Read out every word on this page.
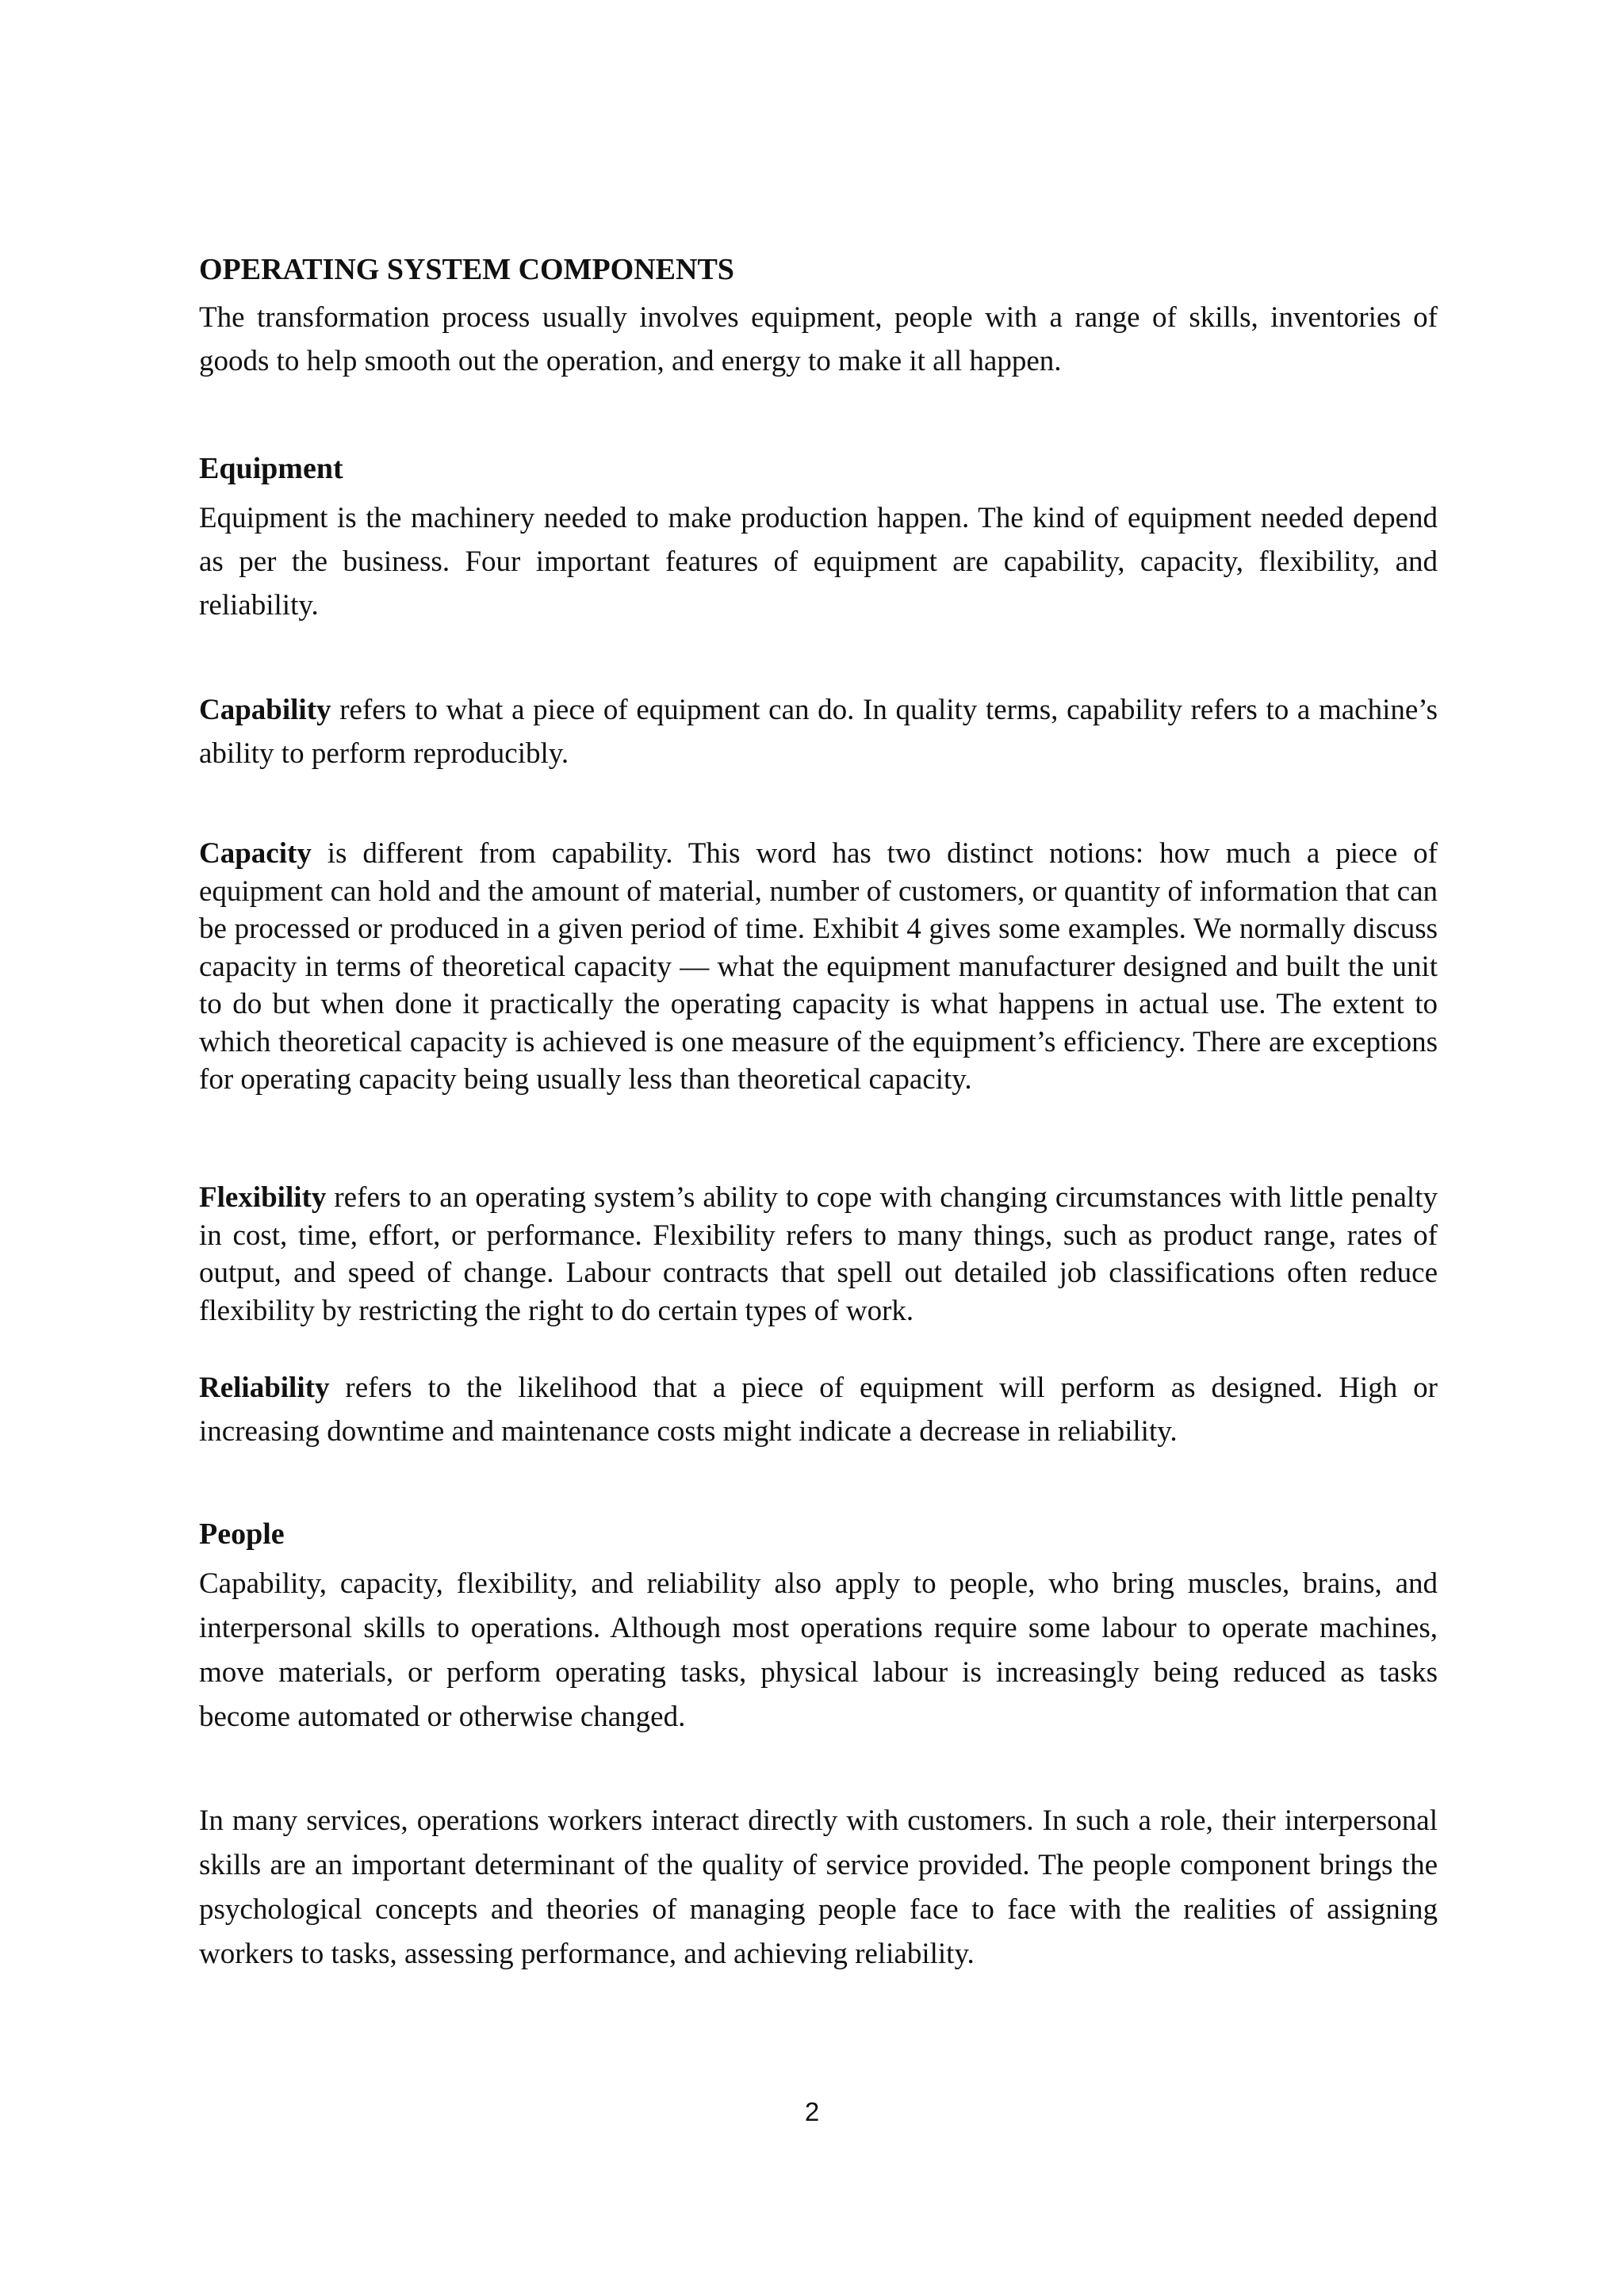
OPERATING SYSTEM COMPONENTS

The transformation process usually involves equipment, people with a range of skills, inventories of goods to help smooth out the operation, and energy to make it all happen.

Equipment

Equipment is the machinery needed to make production happen. The kind of equipment needed depend as per the business. Four important features of equipment are capability, capacity, flexibility, and reliability.

Capability refers to what a piece of equipment can do. In quality terms, capability refers to a machine’s ability to perform reproducibly.

Capacity is different from capability. This word has two distinct notions: how much a piece of equipment can hold and the amount of material, number of customers, or quantity of information that can be processed or produced in a given period of time. Exhibit 4 gives some examples. We normally discuss capacity in terms of theoretical capacity — what the equipment manufacturer designed and built the unit to do but when done it practically the operating capacity is what happens in actual use. The extent to which theoretical capacity is achieved is one measure of the equipment’s efficiency. There are exceptions for operating capacity being usually less than theoretical capacity.

Flexibility refers to an operating system’s ability to cope with changing circumstances with little penalty in cost, time, effort, or performance. Flexibility refers to many things, such as product range, rates of output, and speed of change. Labour contracts that spell out detailed job classifications often reduce flexibility by restricting the right to do certain types of work.

Reliability refers to the likelihood that a piece of equipment will perform as designed. High or increasing downtime and maintenance costs might indicate a decrease in reliability.

People

Capability, capacity, flexibility, and reliability also apply to people, who bring muscles, brains, and interpersonal skills to operations. Although most operations require some labour to operate machines, move materials, or perform operating tasks, physical labour is increasingly being reduced as tasks become automated or otherwise changed.

In many services, operations workers interact directly with customers. In such a role, their interpersonal skills are an important determinant of the quality of service provided. The people component brings the psychological concepts and theories of managing people face to face with the realities of assigning workers to tasks, assessing performance, and achieving reliability.

2
